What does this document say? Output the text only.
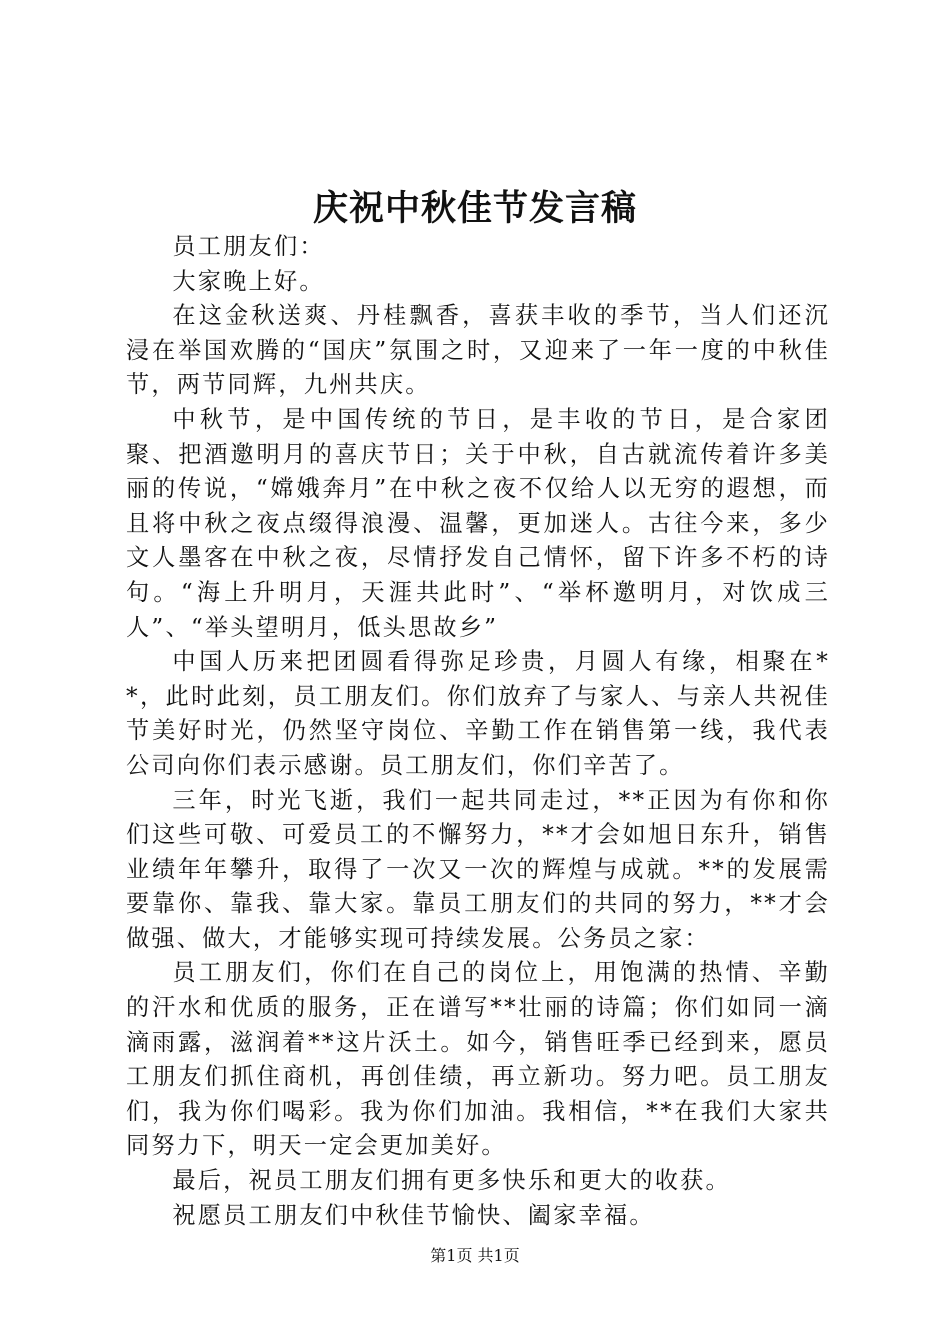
庆祝中秋佳节发言稿

员工朋友们：

大家晚上好。

在这金秋送爽、丹桂飘香，喜获丰收的季节，当人们还沉浸在举国欢腾的“国庆”氛围之时，又迎来了一年一度的中秋佳节，两节同辉，九州共庆。

中秋节，是中国传统的节日，是丰收的节日，是合家团聚、把酒邀明月的喜庆节日；关于中秋，自古就流传着许多美丽的传说，“嫦娥奔月”在中秋之夜不仅给人以无穷的遐想，而且将中秋之夜点缀得浪漫、温馨，更加迷人。古往今来，多少文人墨客在中秋之夜，尽情抒发自己情怀，留下许多不朽的诗句。“海上升明月，天涯共此时”、“举杯邀明月，对饮成三人”、“举头望明月，低头思故乡”

中国人历来把团圆看得弥足珍贵，月圆人有缘，相聚在**，此时此刻，员工朋友们。你们放弃了与家人、与亲人共祝佳节美好时光，仍然坚守岗位、辛勤工作在销售第一线，我代表公司向你们表示感谢。员工朋友们，你们辛苦了。

三年，时光飞逝，我们一起共同走过，**正因为有你和你们这些可敬、可爱员工的不懈努力，**才会如旭日东升，销售业绩年年攀升，取得了一次又一次的辉煌与成就。**的发展需要靠你、靠我、靠大家。靠员工朋友们的共同的努力，**才会做强、做大，才能够实现可持续发展。公务员之家：

员工朋友们，你们在自己的岗位上，用饱满的热情、辛勤的汗水和优质的服务，正在谱写**壮丽的诗篇；你们如同一滴滴雨露，滋润着**这片沃土。如今，销售旺季已经到来，愿员工朋友们抓住商机，再创佳绩，再立新功。努力吧。员工朋友们，我为你们喝彩。我为你们加油。我相信，**在我们大家共同努力下，明天一定会更加美好。

最后，祝员工朋友们拥有更多快乐和更大的收获。

祝愿员工朋友们中秋佳节愉快、阖家幸福。

第1页 共1页
